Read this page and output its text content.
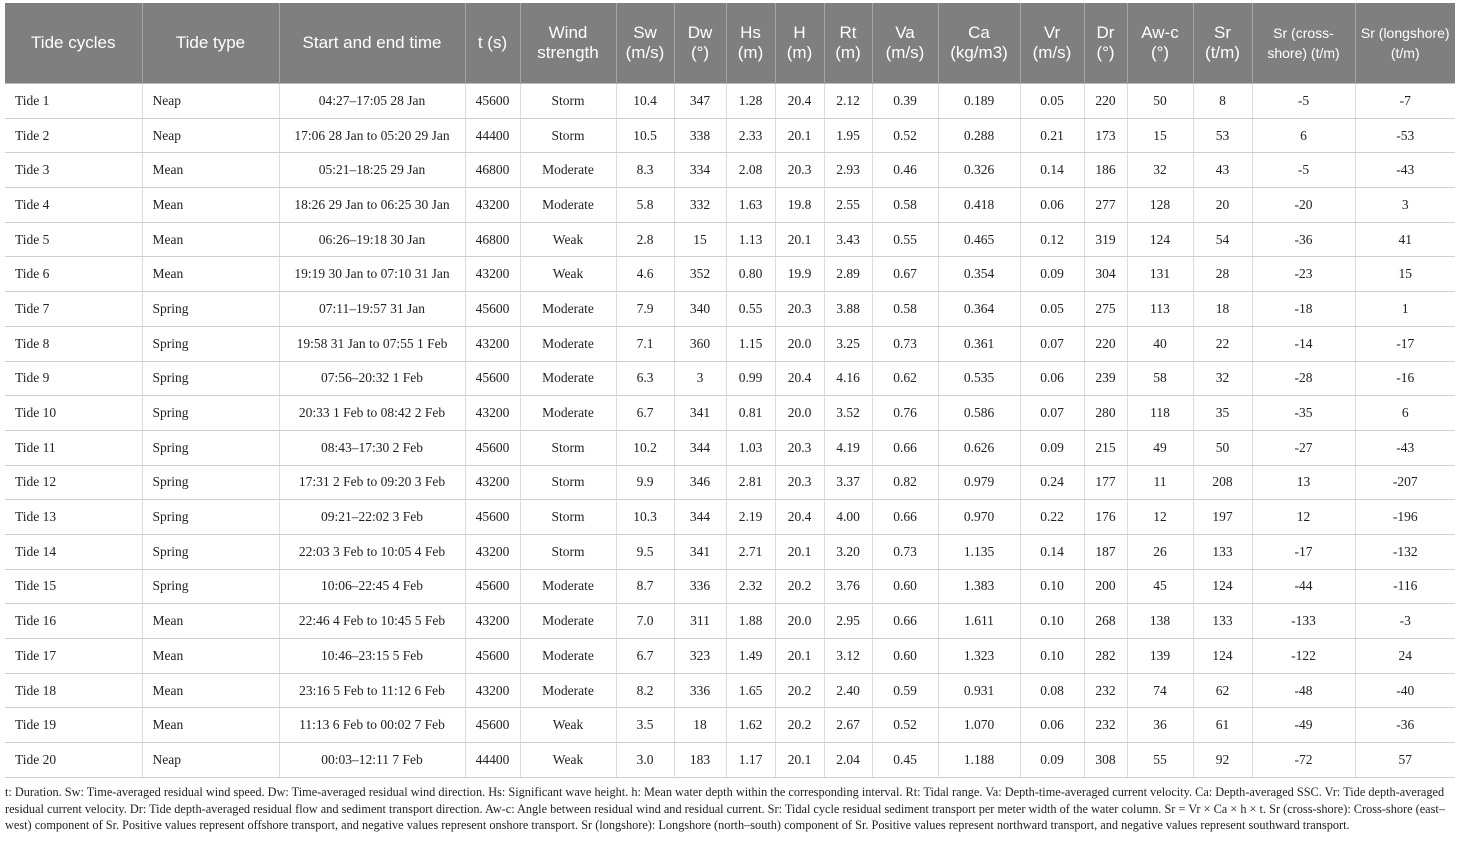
Tide cycles	Tide type	Start and end time	t (s)	Wind strength	Sw (m/s)	Dw (°)	Hs (m)	H (m)	Rt (m)	Va (m/s)	Ca (kg/m3)	Vr (m/s)	Dr (°)	Aw-c (°)	Sr (t/m)	Sr (cross-shore) (t/m)	Sr (longshore) (t/m)
Tide 1	Neap	04:27–17:05 28 Jan	45600	Storm	10.4	347	1.28	20.4	2.12	0.39	0.189	0.05	220	50	8	-5	-7
Tide 2	Neap	17:06 28 Jan to 05:20 29 Jan	44400	Storm	10.5	338	2.33	20.1	1.95	0.52	0.288	0.21	173	15	53	6	-53
Tide 3	Mean	05:21–18:25 29 Jan	46800	Moderate	8.3	334	2.08	20.3	2.93	0.46	0.326	0.14	186	32	43	-5	-43
Tide 4	Mean	18:26 29 Jan to 06:25 30 Jan	43200	Moderate	5.8	332	1.63	19.8	2.55	0.58	0.418	0.06	277	128	20	-20	3
Tide 5	Mean	06:26–19:18 30 Jan	46800	Weak	2.8	15	1.13	20.1	3.43	0.55	0.465	0.12	319	124	54	-36	41
Tide 6	Mean	19:19 30 Jan to 07:10 31 Jan	43200	Weak	4.6	352	0.80	19.9	2.89	0.67	0.354	0.09	304	131	28	-23	15
Tide 7	Spring	07:11–19:57 31 Jan	45600	Moderate	7.9	340	0.55	20.3	3.88	0.58	0.364	0.05	275	113	18	-18	1
Tide 8	Spring	19:58 31 Jan to 07:55 1 Feb	43200	Moderate	7.1	360	1.15	20.0	3.25	0.73	0.361	0.07	220	40	22	-14	-17
Tide 9	Spring	07:56–20:32 1 Feb	45600	Moderate	6.3	3	0.99	20.4	4.16	0.62	0.535	0.06	239	58	32	-28	-16
Tide 10	Spring	20:33 1 Feb to 08:42 2 Feb	43200	Moderate	6.7	341	0.81	20.0	3.52	0.76	0.586	0.07	280	118	35	-35	6
Tide 11	Spring	08:43–17:30 2 Feb	45600	Storm	10.2	344	1.03	20.3	4.19	0.66	0.626	0.09	215	49	50	-27	-43
Tide 12	Spring	17:31 2 Feb to 09:20 3 Feb	43200	Storm	9.9	346	2.81	20.3	3.37	0.82	0.979	0.24	177	11	208	13	-207
Tide 13	Spring	09:21–22:02 3 Feb	45600	Storm	10.3	344	2.19	20.4	4.00	0.66	0.970	0.22	176	12	197	12	-196
Tide 14	Spring	22:03 3 Feb to 10:05 4 Feb	43200	Storm	9.5	341	2.71	20.1	3.20	0.73	1.135	0.14	187	26	133	-17	-132
Tide 15	Spring	10:06–22:45 4 Feb	45600	Moderate	8.7	336	2.32	20.2	3.76	0.60	1.383	0.10	200	45	124	-44	-116
Tide 16	Mean	22:46 4 Feb to 10:45 5 Feb	43200	Moderate	7.0	311	1.88	20.0	2.95	0.66	1.611	0.10	268	138	133	-133	-3
Tide 17	Mean	10:46–23:15 5 Feb	45600	Moderate	6.7	323	1.49	20.1	3.12	0.60	1.323	0.10	282	139	124	-122	24
Tide 18	Mean	23:16 5 Feb to 11:12 6 Feb	43200	Moderate	8.2	336	1.65	20.2	2.40	0.59	0.931	0.08	232	74	62	-48	-40
Tide 19	Mean	11:13 6 Feb to 00:02 7 Feb	45600	Weak	3.5	18	1.62	20.2	2.67	0.52	1.070	0.06	232	36	61	-49	-36
Tide 20	Neap	00:03–12:11 7 Feb	44400	Weak	3.0	183	1.17	20.1	2.04	0.45	1.188	0.09	308	55	92	-72	57
t: Duration. Sw: Time-averaged residual wind speed. Dw: Time-averaged residual wind direction. Hs: Significant wave height. h: Mean water depth within the corresponding interval. Rt: Tidal range. Va: Depth-time-averaged current velocity. Ca: Depth-averaged SSC. Vr: Tide depth-averaged residual current velocity. Dr: Tide depth-averaged residual flow and sediment transport direction. Aw-c: Angle between residual wind and residual current. Sr: Tidal cycle residual sediment transport per meter width of the water column. Sr = Vr × Ca × h × t. Sr (cross-shore): Cross-shore (east–west) component of Sr. Positive values represent offshore transport, and negative values represent onshore transport. Sr (longshore): Longshore (north–south) component of Sr. Positive values represent northward transport, and negative values represent southward transport.
